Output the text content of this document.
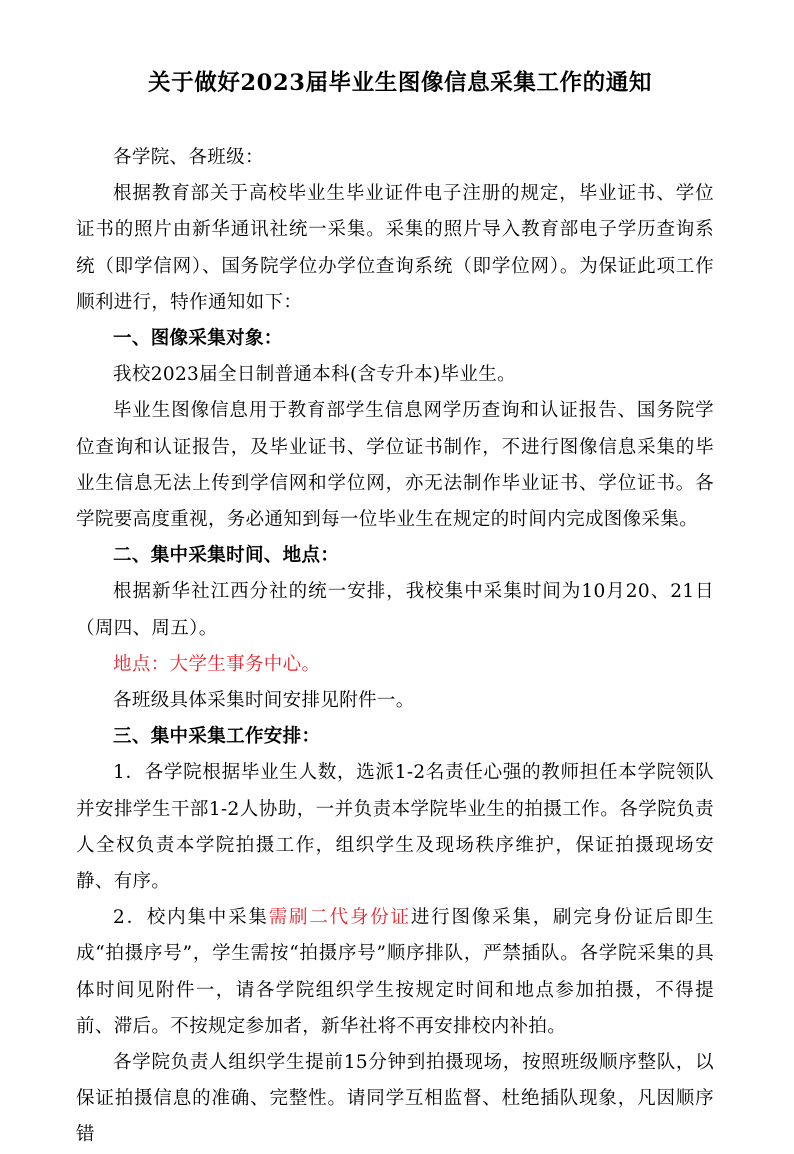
关于做好2023届毕业生图像信息采集工作的通知

各学院、各班级：

根据教育部关于高校毕业生毕业证件电子注册的规定，毕业证书、学位证书的照片由新华通讯社统一采集。采集的照片导入教育部电子学历查询系统（即学信网）、国务院学位办学位查询系统（即学位网）。为保证此项工作顺利进行，特作通知如下：

一、图像采集对象：

我校2023届全日制普通本科(含专升本)毕业生。

毕业生图像信息用于教育部学生信息网学历查询和认证报告、国务院学位查询和认证报告，及毕业证书、学位证书制作，不进行图像信息采集的毕业生信息无法上传到学信网和学位网，亦无法制作毕业证书、学位证书。各学院要高度重视，务必通知到每一位毕业生在规定的时间内完成图像采集。

二、集中采集时间、地点：

根据新华社江西分社的统一安排，我校集中采集时间为10月20、21日（周四、周五）。

地点：大学生事务中心。

各班级具体采集时间安排见附件一。

三、集中采集工作安排：

1．各学院根据毕业生人数，选派1-2名责任心强的教师担任本学院领队并安排学生干部1-2人协助，一并负责本学院毕业生的拍摄工作。各学院负责人全权负责本学院拍摄工作，组织学生及现场秩序维护，保证拍摄现场安静、有序。

2．校内集中采集需刷二代身份证进行图像采集，刷完身份证后即生成“拍摄序号”，学生需按“拍摄序号”顺序排队，严禁插队。各学院采集的具体时间见附件一，请各学院组织学生按规定时间和地点参加拍摄，不得提前、滞后。不按规定参加者，新华社将不再安排校内补拍。

各学院负责人组织学生提前15分钟到拍摄现场，按照班级顺序整队，以保证拍摄信息的准确、完整性。请同学互相监督、杜绝插队现象，凡因顺序错
